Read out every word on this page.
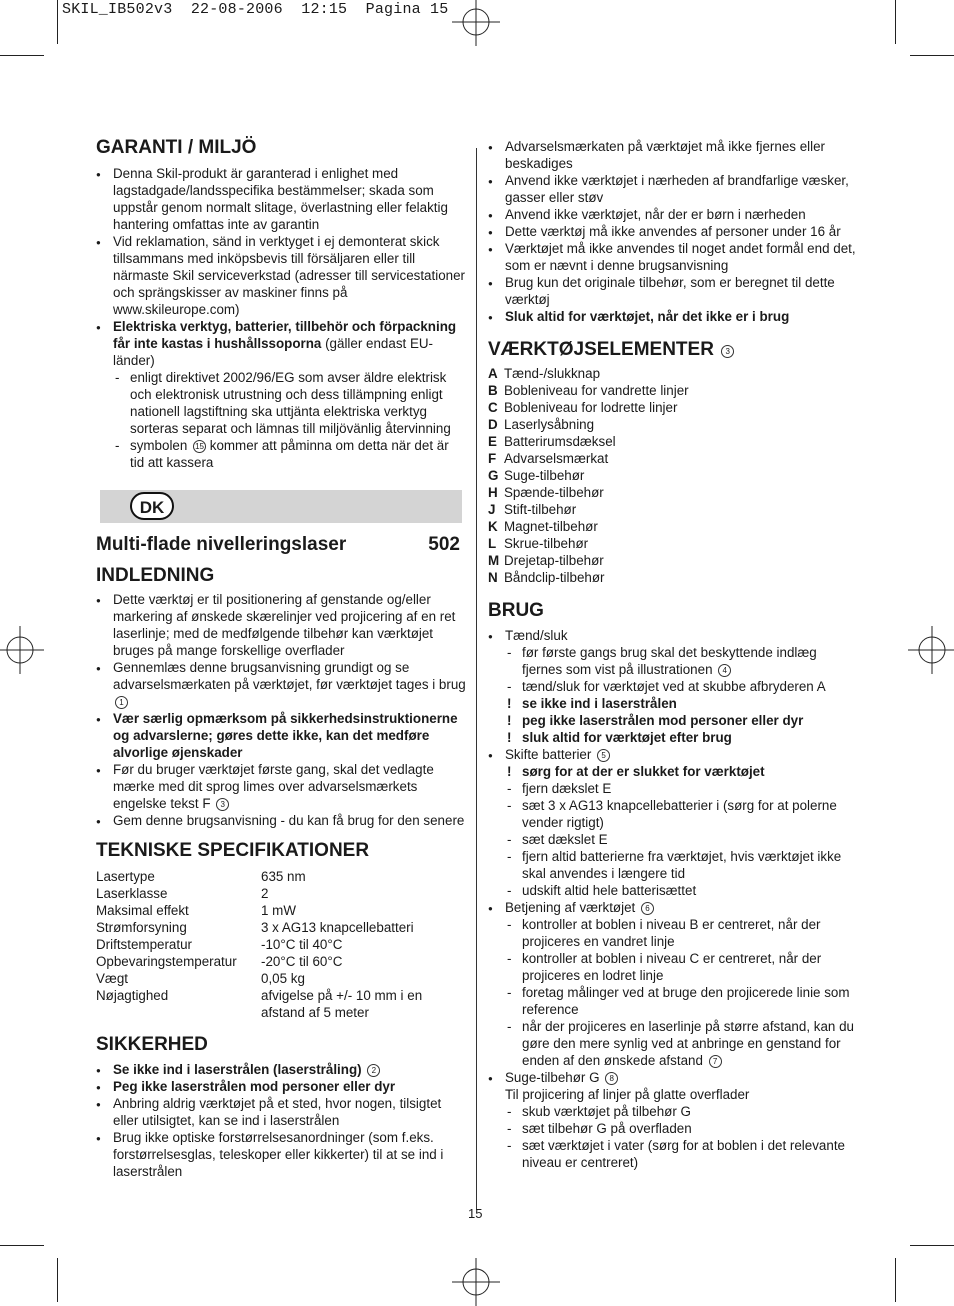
SKIL_IB502v3  22-08-2006  12:15  Pagina 15
GARANTI / MILJÖ
● Denna Skil-produkt är garanterad i enlighet med lagstadgade/landsspecifika bestämmelser; skada som uppstår genom normalt slitage, överlastning eller felaktig hantering omfattas inte av garantin
● Vid reklamation, sänd in verktyget i ej demonterat skick tillsammans med inköpsbevis till försäljaren eller till närmaste Skil serviceverkstad (adresser till servicestationer och sprängskisser av maskiner finns på www.skileurope.com)
● Elektriska verktyg, batterier, tillbehör och förpackning får inte kastas i hushållssoporna (gäller endast EU-länder)
- enligt direktivet 2002/96/EG som avser äldre elektrisk och elektronisk utrustning och dess tillämpning enligt nationell lagstiftning ska uttjänta elektriska verktyg sorteras separat och lämnas till miljövänlig återvinning
- symbolen 15 kommer att påminna om detta när det är tid att kassera
DK
Multi-flade nivelleringslaser	502
INDLEDNING
● Dette værktøj er til positionering af genstande og/eller markering af ønskede skærelinjer ved projicering af en ret laserlinje; med de medfølgende tilbehør kan værktøjet bruges på mange forskellige overflader
● Gennemlæs denne brugsanvisning grundigt og se advarselsmærkaten på værktøjet, før værktøjet tages i brug 1
● Vær særlig opmærksom på sikkerhedsinstruktionerne og advarslerne; gøres dette ikke, kan det medføre alvorlige øjenskader
● Før du bruger værktøjet første gang, skal det vedlagte mærke med dit sprog limes over advarselsmærkets engelske tekst F 3
● Gem denne brugsanvisning - du kan få brug for den senere
TEKNISKE SPECIFIKATIONER
Lasertype	635 nm
Laserklasse	2
Maksimal effekt	1 mW
Strømforsyning	3 x AG13 knapcellebatteri
Driftstemperatur	-10°C til 40°C
Opbevaringstemperatur	-20°C til 60°C
Vægt	0,05 kg
Nøjagtighed	afvigelse på +/- 10 mm i en afstand af 5 meter
SIKKERHED
● Se ikke ind i laserstrålen (laserstråling) 2
● Peg ikke laserstrålen mod personer eller dyr
● Anbring aldrig værktøjet på et sted, hvor nogen, tilsigtet eller utilsigtet, kan se ind i laserstrålen
● Brug ikke optiske forstørrelsesanordninger (som f.eks. forstørrelsesglas, teleskoper eller kikkerter) til at se ind i laserstrålen
● Advarselsmærkaten på værktøjet må ikke fjernes eller beskadiges
● Anvend ikke værktøjet i nærheden af brandfarlige væsker, gasser eller støv
● Anvend ikke værktøjet, når der er børn i nærheden
● Dette værktøj må ikke anvendes af personer under 16 år
● Værktøjet må ikke anvendes til noget andet formål end det, som er nævnt i denne brugsanvisning
● Brug kun det originale tilbehør, som er beregnet til dette værktøj
● Sluk altid for værktøjet, når det ikke er i brug
VÆRKTØJSELEMENTER 3
A Tænd-/slukknap
B Bobleniveau for vandrette linjer
C Bobleniveau for lodrette linjer
D Laserlysåbning
E Batterirumsdæksel
F Advarselsmærkat
G Suge-tilbehør
H Spænde-tilbehør
J Stift-tilbehør
K Magnet-tilbehør
L Skrue-tilbehør
M Drejetap-tilbehør
N Båndclip-tilbehør
BRUG
● Tænd/sluk
- før første gangs brug skal det beskyttende indlæg fjernes som vist på illustrationen 4
- tænd/sluk for værktøjet ved at skubbe afbryderen A
! se ikke ind i laserstrålen
! peg ikke laserstrålen mod personer eller dyr
! sluk altid for værktøjet efter brug
● Skifte batterier 5
! sørg for at der er slukket for værktøjet
- fjern dækslet E
- sæt 3 x AG13 knapcellebatterier i (sørg for at polerne vender rigtigt)
- sæt dækslet E
- fjern altid batterierne fra værktøjet, hvis værktøjet ikke skal anvendes i længere tid
- udskift altid hele batterisættet
● Betjening af værktøjet 6
- kontroller at boblen i niveau B er centreret, når der projiceres en vandret linje
- kontroller at boblen i niveau C er centreret, når der projiceres en lodret linje
- foretag målinger ved at bruge den projicerede linie som reference
- når der projiceres en laserlinje på større afstand, kan du gøre den mere synlig ved at anbringe en genstand for enden af den ønskede afstand 7
● Suge-tilbehør G 8
Til projicering af linjer på glatte overflader
- skub værktøjet på tilbehør G
- sæt tilbehør G på overfladen
- sæt værktøjet i vater (sørg for at boblen i det relevante niveau er centreret)
15
